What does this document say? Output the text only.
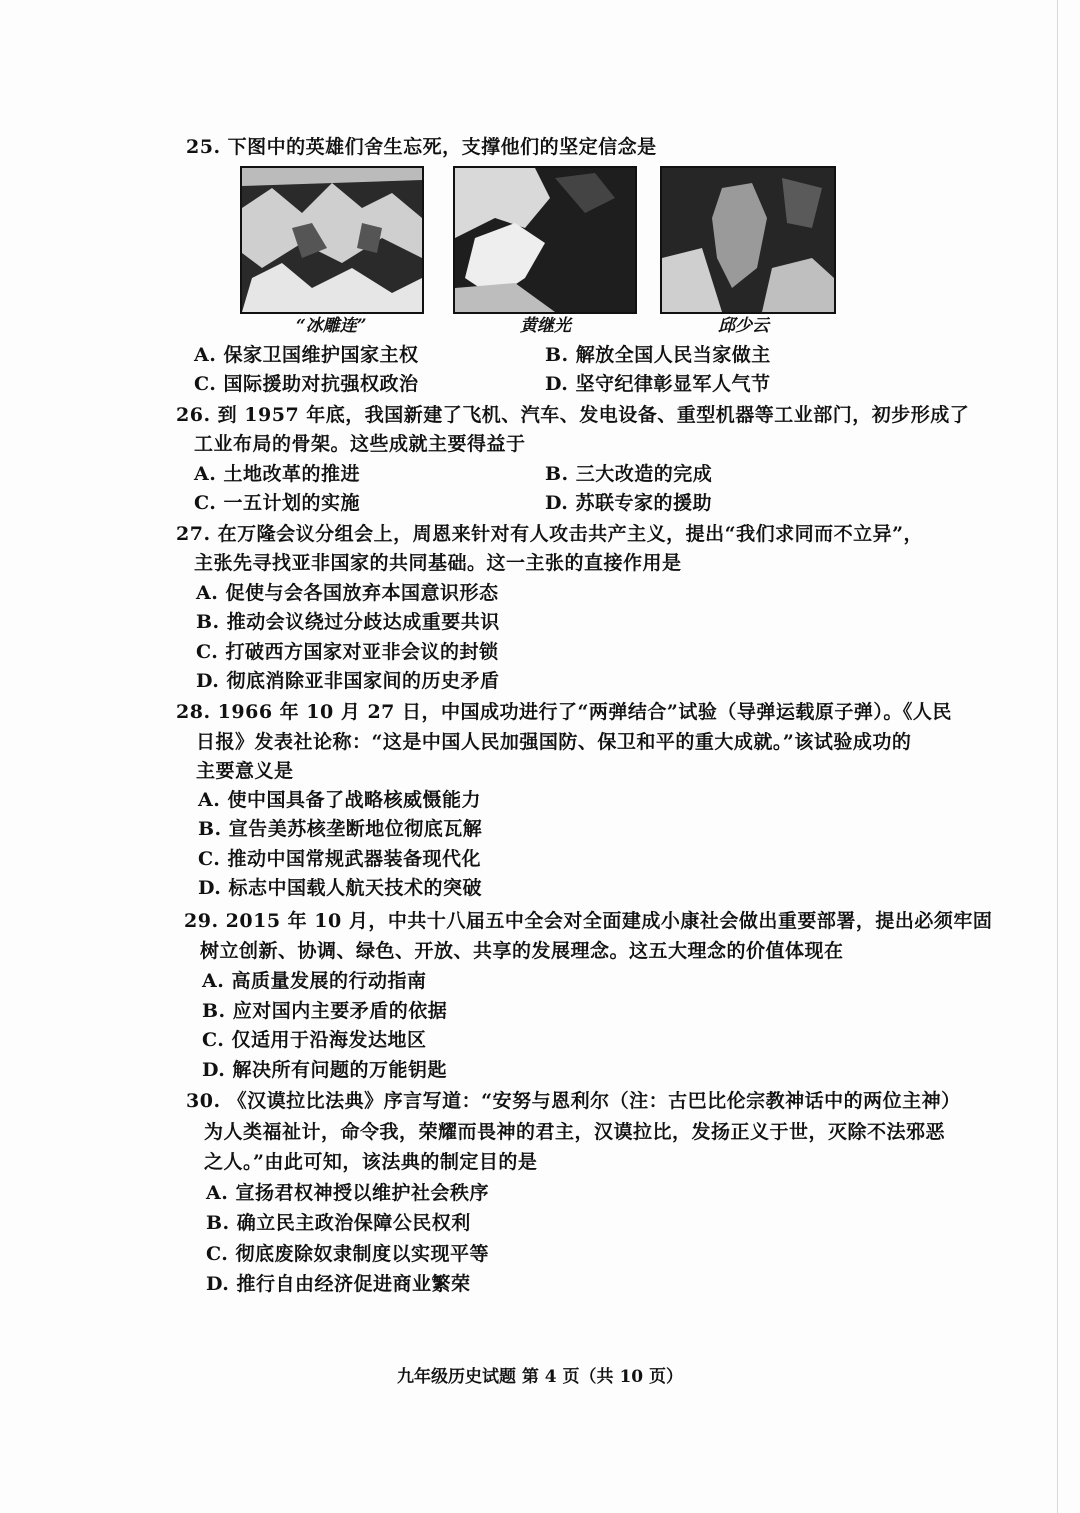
25. 下图中的英雄们舍生忘死，支撑他们的坚定信念是
“冰雕连”	黄继光	邱少云
A. 保家卫国维护国家主权	B. 解放全国人民当家做主
C. 国际援助对抗强权政治	D. 坚守纪律彰显军人气节
26. 到 1957 年底，我国新建了飞机、汽车、发电设备、重型机器等工业部门，初步形成了
工业布局的骨架。这些成就主要得益于
A. 土地改革的推进	B. 三大改造的完成
C. 一五计划的实施	D. 苏联专家的援助
27. 在万隆会议分组会上，周恩来针对有人攻击共产主义，提出“我们求同而不立异”，
主张先寻找亚非国家的共同基础。这一主张的直接作用是
A. 促使与会各国放弃本国意识形态
B. 推动会议绕过分歧达成重要共识
C. 打破西方国家对亚非会议的封锁
D. 彻底消除亚非国家间的历史矛盾
28. 1966 年 10 月 27 日，中国成功进行了“两弹结合”试验（导弹运载原子弹）。《人民
日报》发表社论称：“这是中国人民加强国防、保卫和平的重大成就。”该试验成功的
主要意义是
A. 使中国具备了战略核威慑能力
B. 宣告美苏核垄断地位彻底瓦解
C. 推动中国常规武器装备现代化
D. 标志中国载人航天技术的突破
29. 2015 年 10 月，中共十八届五中全会对全面建成小康社会做出重要部署，提出必须牢固
树立创新、协调、绿色、开放、共享的发展理念。这五大理念的价值体现在
A. 高质量发展的行动指南
B. 应对国内主要矛盾的依据
C. 仅适用于沿海发达地区
D. 解决所有问题的万能钥匙
30. 《汉谟拉比法典》序言写道：“安努与恩利尔（注：古巴比伦宗教神话中的两位主神）
为人类福祉计，命令我，荣耀而畏神的君主，汉谟拉比，发扬正义于世，灭除不法邪恶
之人。”由此可知，该法典的制定目的是
A. 宣扬君权神授以维护社会秩序
B. 确立民主政治保障公民权利
C. 彻底废除奴隶制度以实现平等
D. 推行自由经济促进商业繁荣
九年级历史试题 第 4 页（共 10 页）
